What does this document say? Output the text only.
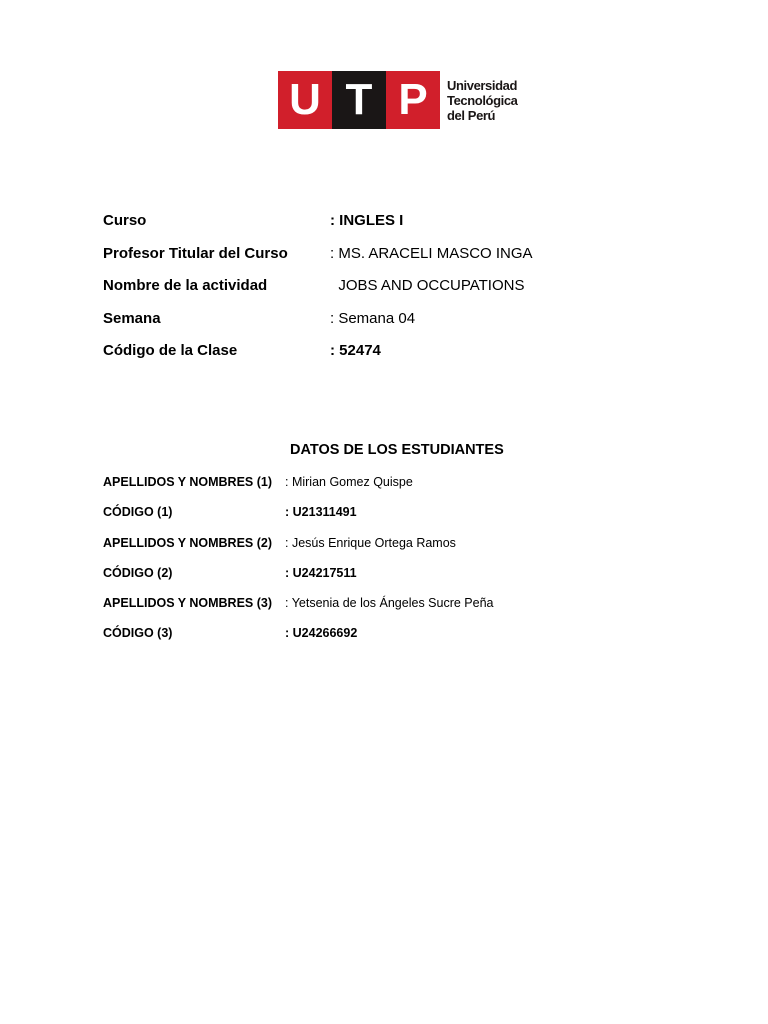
U T P	Universidad
Tecnológica
del Perú
Curso	: INGLES I
Profesor Titular del Curso	: MS. ARACELI MASCO INGA
Nombre de la actividad	JOBS AND OCCUPATIONS
Semana	: Semana 04
Código de la Clase	: 52474
DATOS DE LOS ESTUDIANTES
APELLIDOS Y NOMBRES (1) : Mirian Gomez Quispe
CÓDIGO (1)	: U21311491
APELLIDOS Y NOMBRES (2) : Jesús Enrique Ortega Ramos
CÓDIGO (2)	: U24217511
APELLIDOS Y NOMBRES (3) : Yetsenia de los Ángeles Sucre Peña
CÓDIGO (3)	: U24266692
